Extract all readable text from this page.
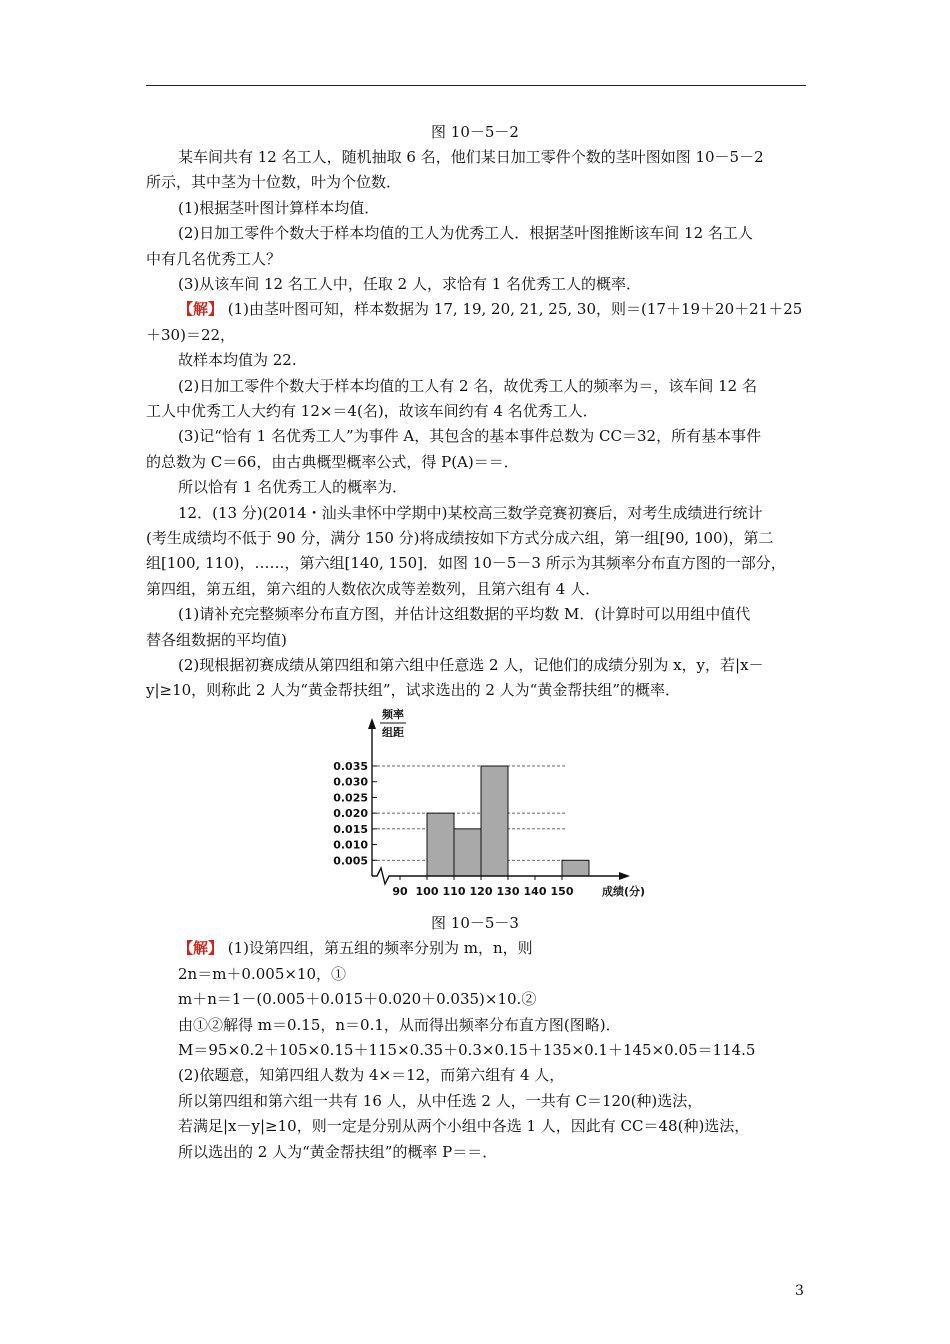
图 10－5－2
某车间共有 12 名工人，随机抽取 6 名，他们某日加工零件个数的茎叶图如图 10－5－2
所示，其中茎为十位数，叶为个位数．
(1)根据茎叶图计算样本均值．
(2)日加工零件个数大于样本均值的工人为优秀工人．根据茎叶图推断该车间 12 名工人
中有几名优秀工人？
(3)从该车间 12 名工人中，任取 2 人，求恰有 1 名优秀工人的概率．
【解】 (1)由茎叶图可知，样本数据为 17, 19, 20, 21, 25, 30，则＝(17＋19＋20＋21＋25
＋30)＝22，
故样本均值为 22.
(2)日加工零件个数大于样本均值的工人有 2 名，故优秀工人的频率为＝，该车间 12 名
工人中优秀工人大约有 12×＝4(名)，故该车间约有 4 名优秀工人．
(3)记“恰有 1 名优秀工人”为事件 A，其包含的基本事件总数为 CC＝32，所有基本事件
的总数为 C＝66，由古典概型概率公式，得 P(A)＝＝．
所以恰有 1 名优秀工人的概率为．
12．(13 分)(2014・汕头聿怀中学期中)某校高三数学竞赛初赛后，对考生成绩进行统计
(考生成绩均不低于 90 分，满分 150 分)将成绩按如下方式分成六组，第一组[90, 100)，第二
组[100, 110)，……，第六组[140, 150]．如图 10－5－3 所示为其频率分布直方图的一部分，
第四组，第五组，第六组的人数依次成等差数列，且第六组有 4 人．
(1)请补充完整频率分布直方图，并估计这组数据的平均数 M．(计算时可以用组中值代
替各组数据的平均值)
(2)现根据初赛成绩从第四组和第六组中任意选 2 人，记他们的成绩分别为 x，y，若|x－
y|≥10，则称此 2 人为“黄金帮扶组”，试求选出的 2 人为“黄金帮扶组”的概率．
频率
组距
成绩(分)
0.005
0.010
0.015
0.020
0.025
0.030
0.035
90 100 110 120 130 140 150
图 10－5－3
【解】 (1)设第四组，第五组的频率分别为 m，n，则
2n＝m＋0.005×10，①
m＋n＝1－(0.005＋0.015＋0.020＋0.035)×10.②
由①②解得 m＝0.15，n＝0.1，从而得出频率分布直方图(图略)．
M＝95×0.2＋105×0.15＋115×0.35＋0.3×0.15＋135×0.1＋145×0.05＝114.5
(2)依题意，知第四组人数为 4×＝12，而第六组有 4 人，
所以第四组和第六组一共有 16 人，从中任选 2 人，一共有 C＝120(种)选法，
若满足|x－y|≥10，则一定是分别从两个小组中各选 1 人，因此有 CC＝48(种)选法，
所以选出的 2 人为“黄金帮扶组”的概率 P＝＝．
3
